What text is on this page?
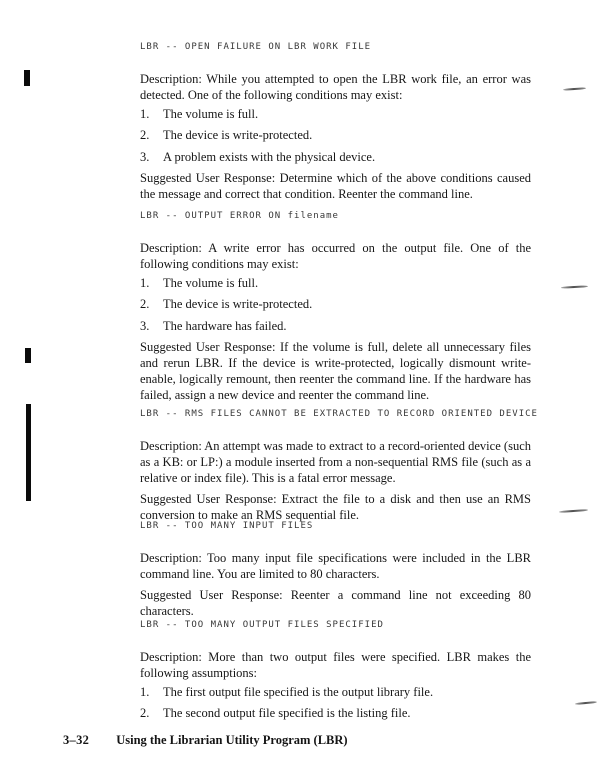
LBR -- OPEN FAILURE ON LBR WORK FILE

Description: While you attempted to open the LBR work file, an error was detected. One of the following conditions may exist:

1.	The volume is full.
2.	The device is write-protected.
3.	A problem exists with the physical device.

Suggested User Response: Determine which of the above conditions caused the message and correct that condition. Reenter the command line.

LBR -- OUTPUT ERROR ON filename

Description: A write error has occurred on the output file. One of the following conditions may exist:

1.	The volume is full.
2.	The device is write-protected.
3.	The hardware has failed.

Suggested User Response: If the volume is full, delete all unnecessary files and rerun LBR. If the device is write-protected, logically dismount write-enable, logically remount, then reenter the command line. If the hardware has failed, assign a new device and reenter the command line.

LBR -- RMS FILES CANNOT BE EXTRACTED TO RECORD ORIENTED DEVICE

Description: An attempt was made to extract to a record-oriented device (such as a KB: or LP:) a module inserted from a non-sequential RMS file (such as a relative or index file). This is a fatal error message.

Suggested User Response: Extract the file to a disk and then use an RMS conversion to make an RMS sequential file.

LBR -- TOO MANY INPUT FILES

Description: Too many input file specifications were included in the LBR command line. You are limited to 80 characters.

Suggested User Response: Reenter a command line not exceeding 80 characters.

LBR -- TOO MANY OUTPUT FILES SPECIFIED

Description: More than two output files were specified. LBR makes the following assumptions:

1.	The first output file specified is the output library file.
2.	The second output file specified is the listing file.
3–32 Using the Librarian Utility Program (LBR)
